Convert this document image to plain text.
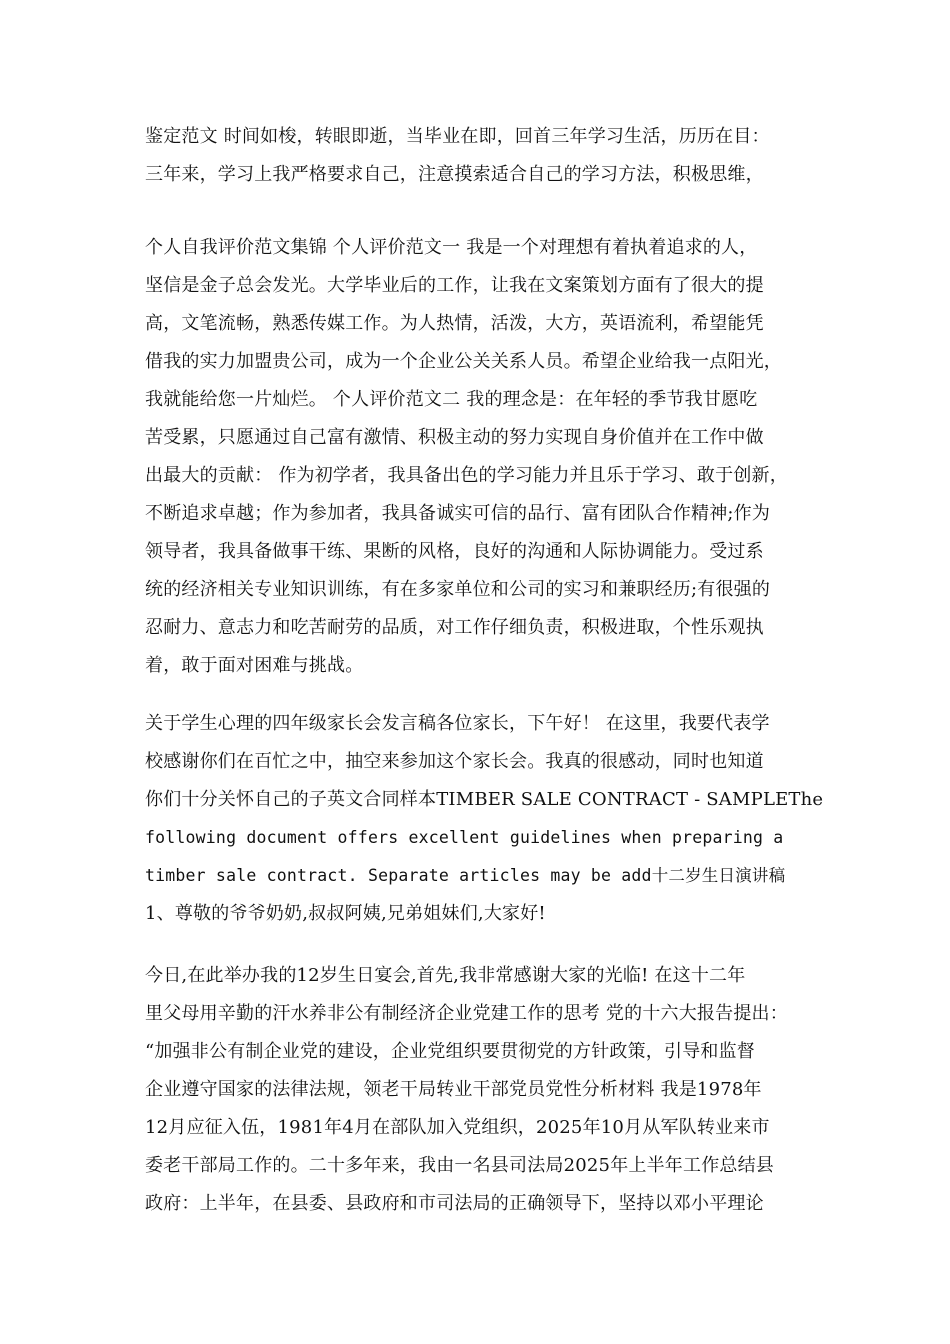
鉴定范文 时间如梭，转眼即逝，当毕业在即，回首三年学习生活，历历在目：
三年来，学习上我严格要求自己，注意摸索适合自己的学习方法，积极思维，
个人自我评价范文集锦 个人评价范文一 我是一个对理想有着执着追求的人，
坚信是金子总会发光。大学毕业后的工作，让我在文案策划方面有了很大的提
高，文笔流畅，熟悉传媒工作。为人热情，活泼，大方，英语流利，希望能凭
借我的实力加盟贵公司，成为一个企业公关关系人员。希望企业给我一点阳光，
我就能给您一片灿烂。 个人评价范文二 我的理念是：在年轻的季节我甘愿吃
苦受累，只愿通过自己富有激情、积极主动的努力实现自身价值并在工作中做
出最大的贡献： 作为初学者，我具备出色的学习能力并且乐于学习、敢于创新，
不断追求卓越；作为参加者，我具备诚实可信的品行、富有团队合作精神;作为
领导者，我具备做事干练、果断的风格，良好的沟通和人际协调能力。受过系
统的经济相关专业知识训练，有在多家单位和公司的实习和兼职经历;有很强的
忍耐力、意志力和吃苦耐劳的品质，对工作仔细负责，积极进取，个性乐观执
着，敢于面对困难与挑战。
关于学生心理的四年级家长会发言稿各位家长，下午好！ 在这里，我要代表学
校感谢你们在百忙之中，抽空来参加这个家长会。我真的很感动，同时也知道
你们十分关怀自己的子英文合同样本TIMBER SALE CONTRACT - SAMPLEThe
following document offers excellent guidelines when preparing a
timber sale contract. Separate articles may be add十二岁生日演讲稿
1、尊敬的爷爷奶奶,叔叔阿姨,兄弟姐妹们,大家好!
今日,在此举办我的12岁生日宴会,首先,我非常感谢大家的光临! 在这十二年
里父母用辛勤的汗水养非公有制经济企业党建工作的思考 党的十六大报告提出：
“加强非公有制企业党的建设，企业党组织要贯彻党的方针政策，引导和监督
企业遵守国家的法律法规，领老干局转业干部党员党性分析材料 我是1978年
12月应征入伍，1981年4月在部队加入党组织，2025年10月从军队转业来市
委老干部局工作的。二十多年来，我由一名县司法局2025年上半年工作总结县
政府：上半年，在县委、县政府和市司法局的正确领导下，坚持以邓小平理论
